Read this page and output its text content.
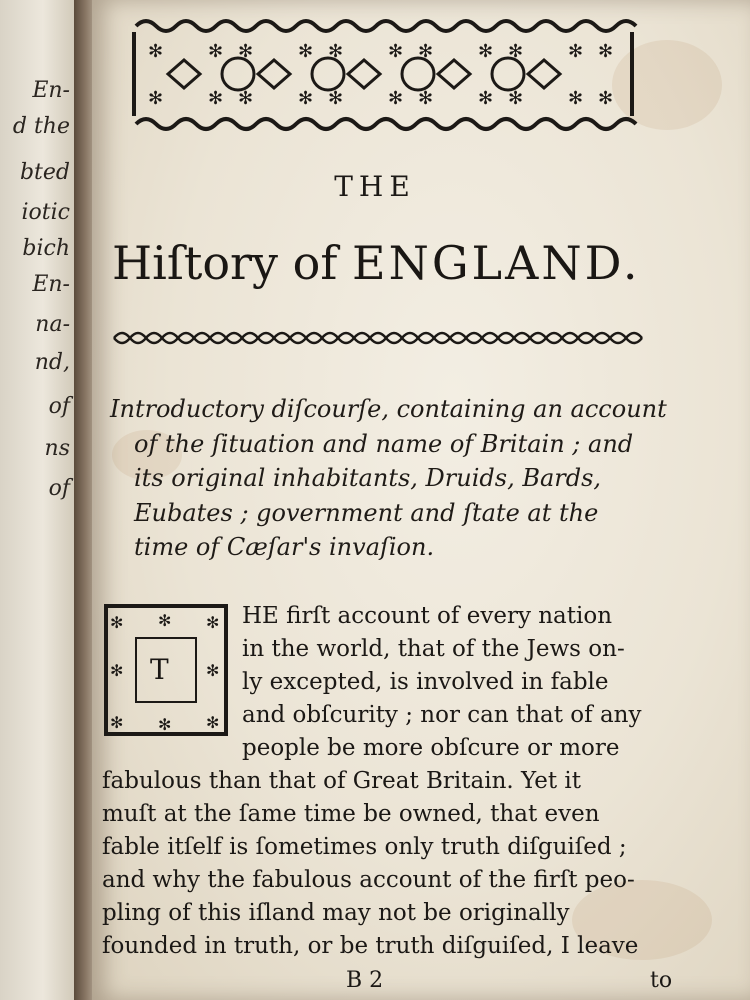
En-
d the
bted
iotic
bich
En-
na-
nd,
of
ns
of
✻
✻
✻
✻
✻
✻
THE
Hiſtory of ENGLAND.
Introductory diſcourſe, containing an account
of the ſituation and name of Britain ; and
its original inhabitants, Druids, Bards,
Eubates ; government and ſtate at the
time of Cæſar's invaſion.
✻ ✻ ✻
✻	✻
✻ ✻ ✻
T
HE firſt account of every nation
in the world, that of the Jews on-
ly excepted, is involved in fable
and obſcurity ; nor can that of any
people be more obſcure or more
fabulous than that of Great Britain. Yet it
muſt at the ſame time be owned, that even
fable itſelf is ſometimes only truth diſguiſed ;
and why the fabulous account of the firſt peo-
pling of this iſland may not be originally
founded in truth, or be truth diſguiſed, I leave
B 2	to
